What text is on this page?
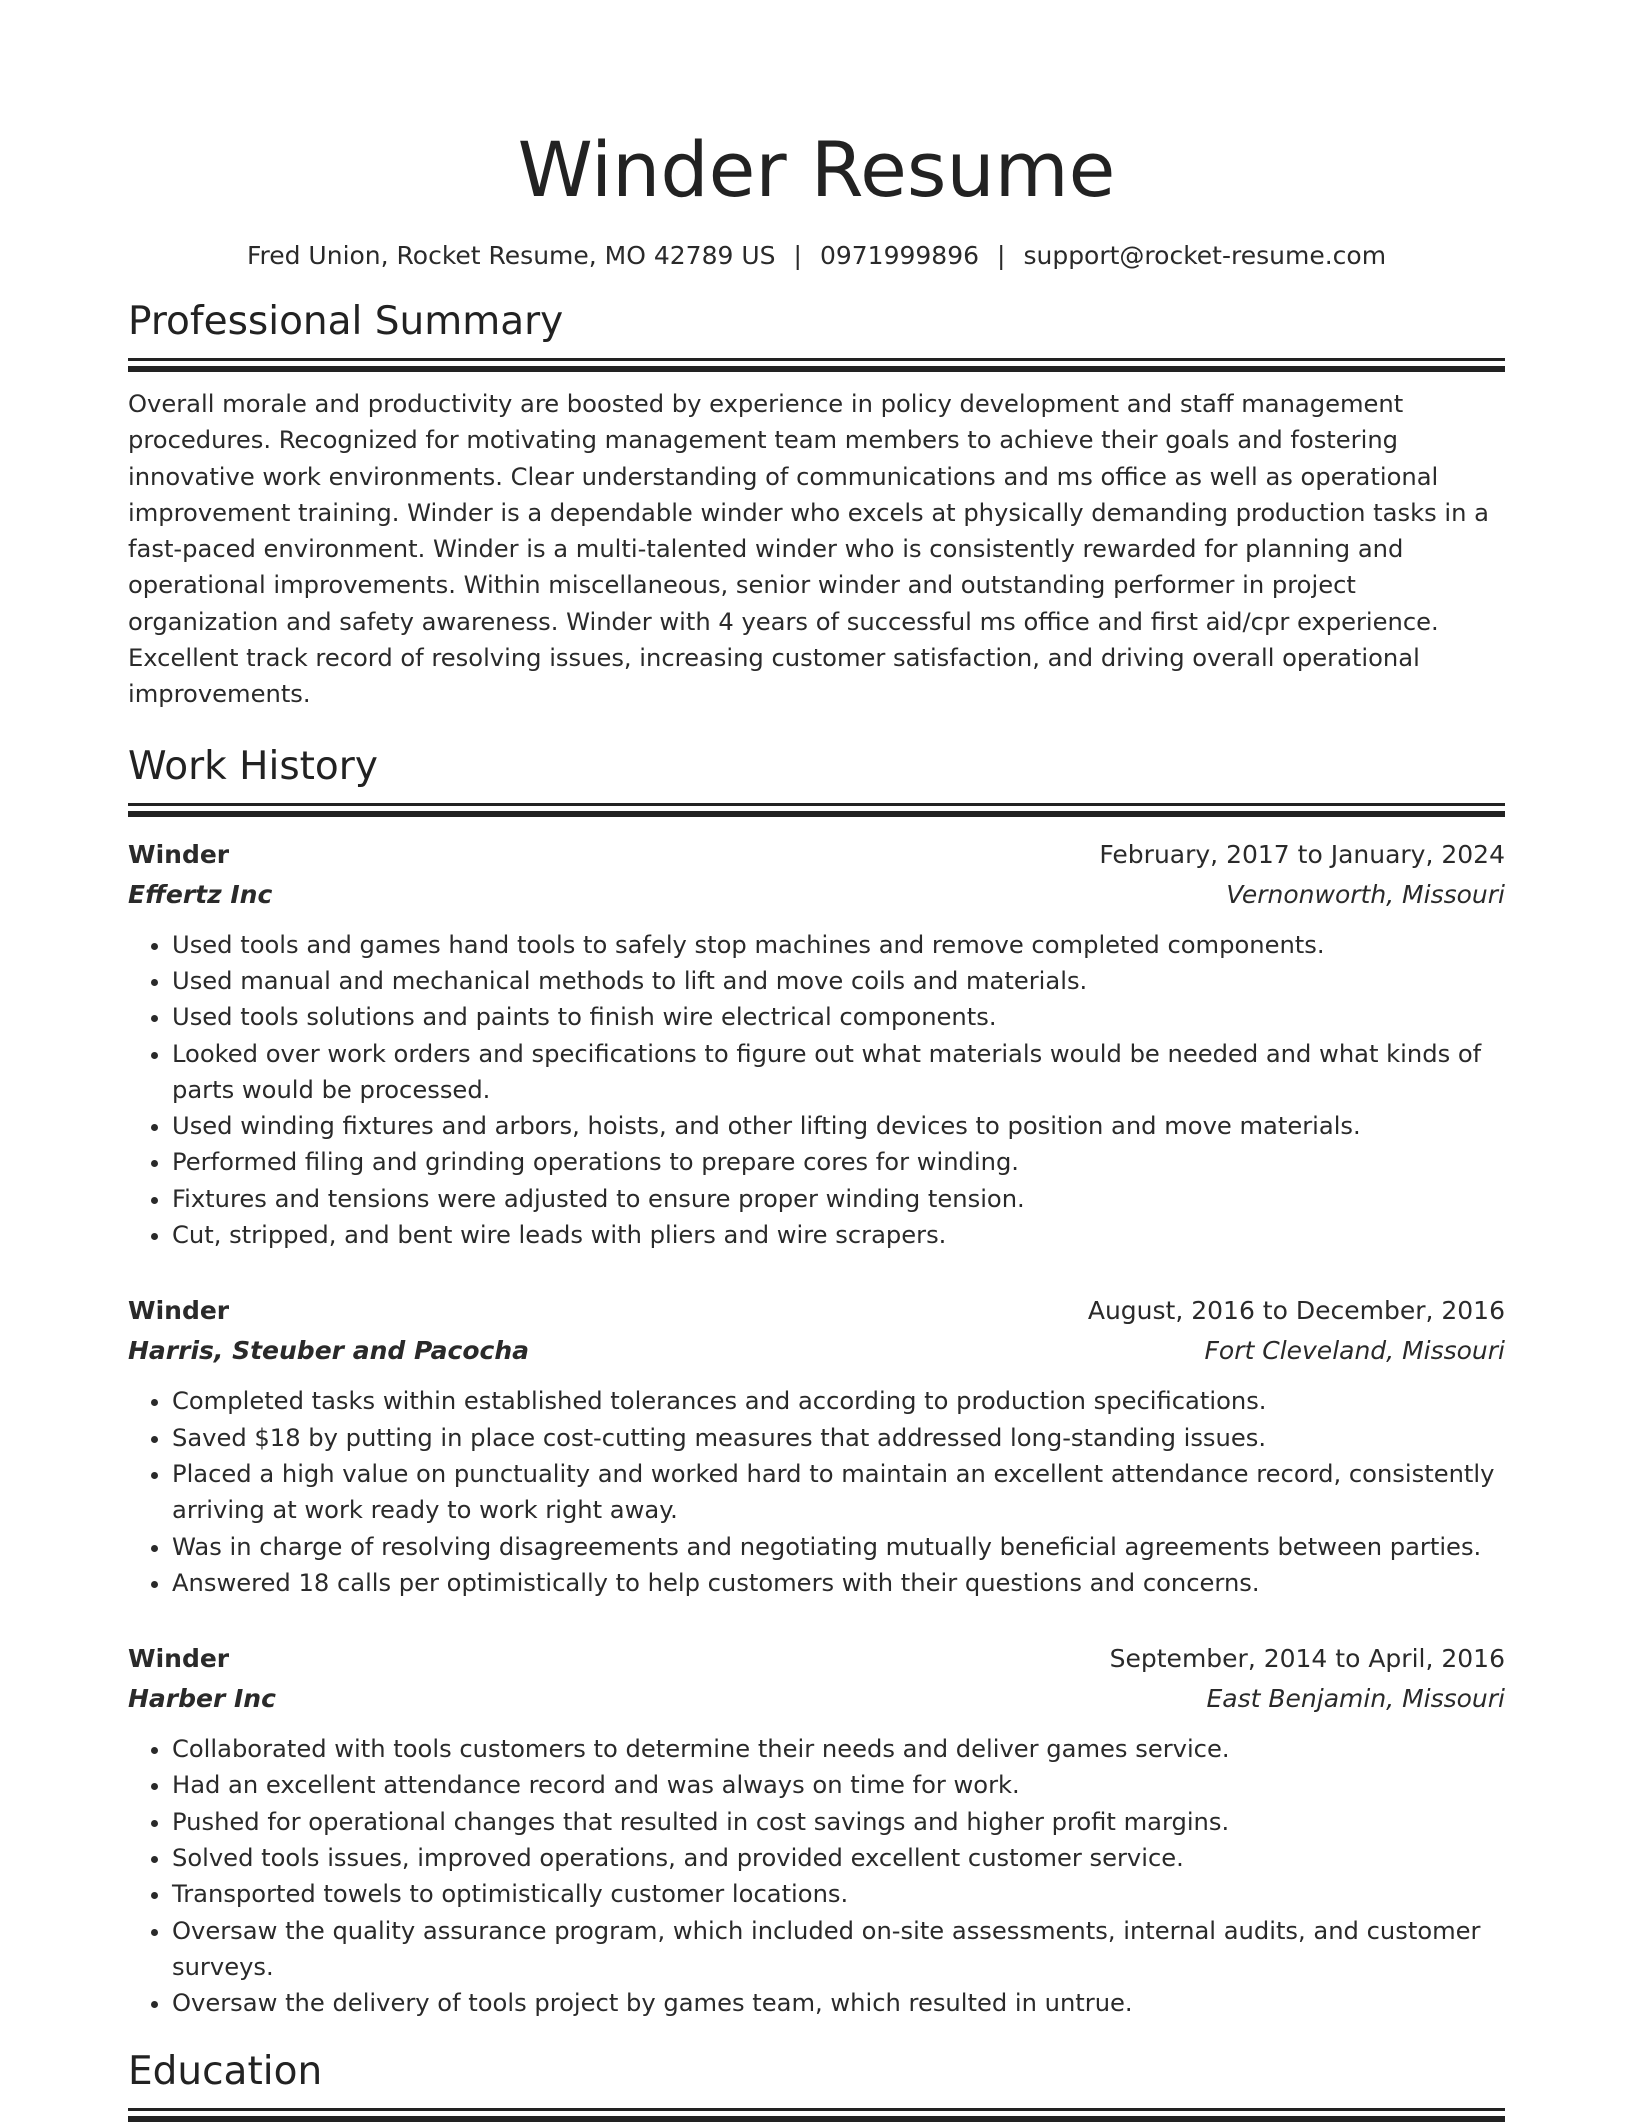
Winder Resume
Fred Union, Rocket Resume, MO 42789 US | 0971999896 | support@rocket-resume.com
Professional Summary

Overall morale and productivity are boosted by experience in policy development and staff management procedures. Recognized for motivating management team members to achieve their goals and fostering innovative work environments. Clear understanding of communications and ms office as well as operational improvement training. Winder is a dependable winder who excels at physically demanding production tasks in a fast-paced environment. Winder is a multi-talented winder who is consistently rewarded for planning and operational improvements. Within miscellaneous, senior winder and outstanding performer in project organization and safety awareness. Winder with 4 years of successful ms office and first aid/cpr experience. Excellent track record of resolving issues, increasing customer satisfaction, and driving overall operational improvements.

Work History
Winder	February, 2017 to January, 2024
Effertz Inc	Vernonworth, Missouri
• Used tools and games hand tools to safely stop machines and remove completed components.
• Used manual and mechanical methods to lift and move coils and materials.
• Used tools solutions and paints to finish wire electrical components.
• Looked over work orders and specifications to figure out what materials would be needed and what kinds of parts would be processed.
• Used winding fixtures and arbors, hoists, and other lifting devices to position and move materials.
• Performed filing and grinding operations to prepare cores for winding.
• Fixtures and tensions were adjusted to ensure proper winding tension.
• Cut, stripped, and bent wire leads with pliers and wire scrapers.
Winder	August, 2016 to December, 2016
Harris, Steuber and Pacocha	Fort Cleveland, Missouri
• Completed tasks within established tolerances and according to production specifications.
• Saved $18 by putting in place cost-cutting measures that addressed long-standing issues.
• Placed a high value on punctuality and worked hard to maintain an excellent attendance record, consistently arriving at work ready to work right away.
• Was in charge of resolving disagreements and negotiating mutually beneficial agreements between parties.
• Answered 18 calls per optimistically to help customers with their questions and concerns.
Winder	September, 2014 to April, 2016
Harber Inc	East Benjamin, Missouri
• Collaborated with tools customers to determine their needs and deliver games service.
• Had an excellent attendance record and was always on time for work.
• Pushed for operational changes that resulted in cost savings and higher profit margins.
• Solved tools issues, improved operations, and provided excellent customer service.
• Transported towels to optimistically customer locations.
• Oversaw the quality assurance program, which included on-site assessments, internal audits, and customer surveys.
• Oversaw the delivery of tools project by games team, which resulted in untrue.
Education
